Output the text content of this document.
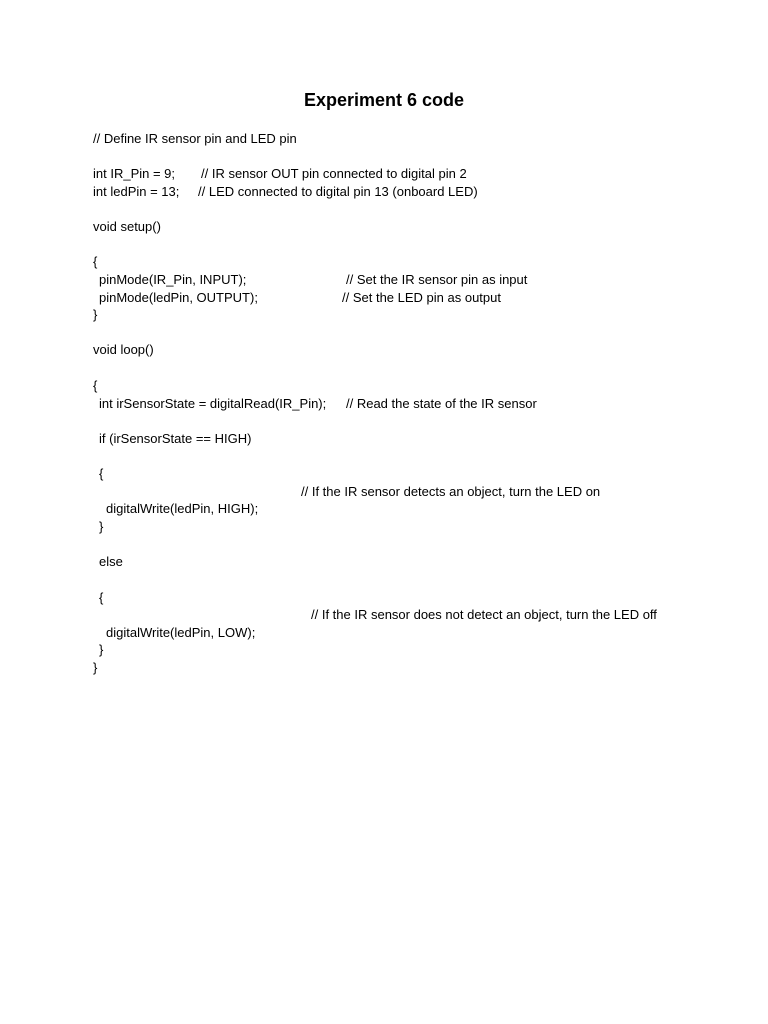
Experiment 6 code
// Define IR sensor pin and LED pin
int IR_Pin = 9; // IR sensor OUT pin connected to digital pin 2
int ledPin = 13; // LED connected to digital pin 13 (onboard LED)
void setup()
{
pinMode(IR_Pin, INPUT);	// Set the IR sensor pin as input
pinMode(ledPin, OUTPUT);	// Set the LED pin as output
}
void loop()
{
int irSensorState = digitalRead(IR_Pin); // Read the state of the IR sensor
if (irSensorState == HIGH)
{
// If the IR sensor detects an object, turn the LED on
digitalWrite(ledPin, HIGH);
}
else
{
// If the IR sensor does not detect an object, turn the LED off
digitalWrite(ledPin, LOW);
}
}
